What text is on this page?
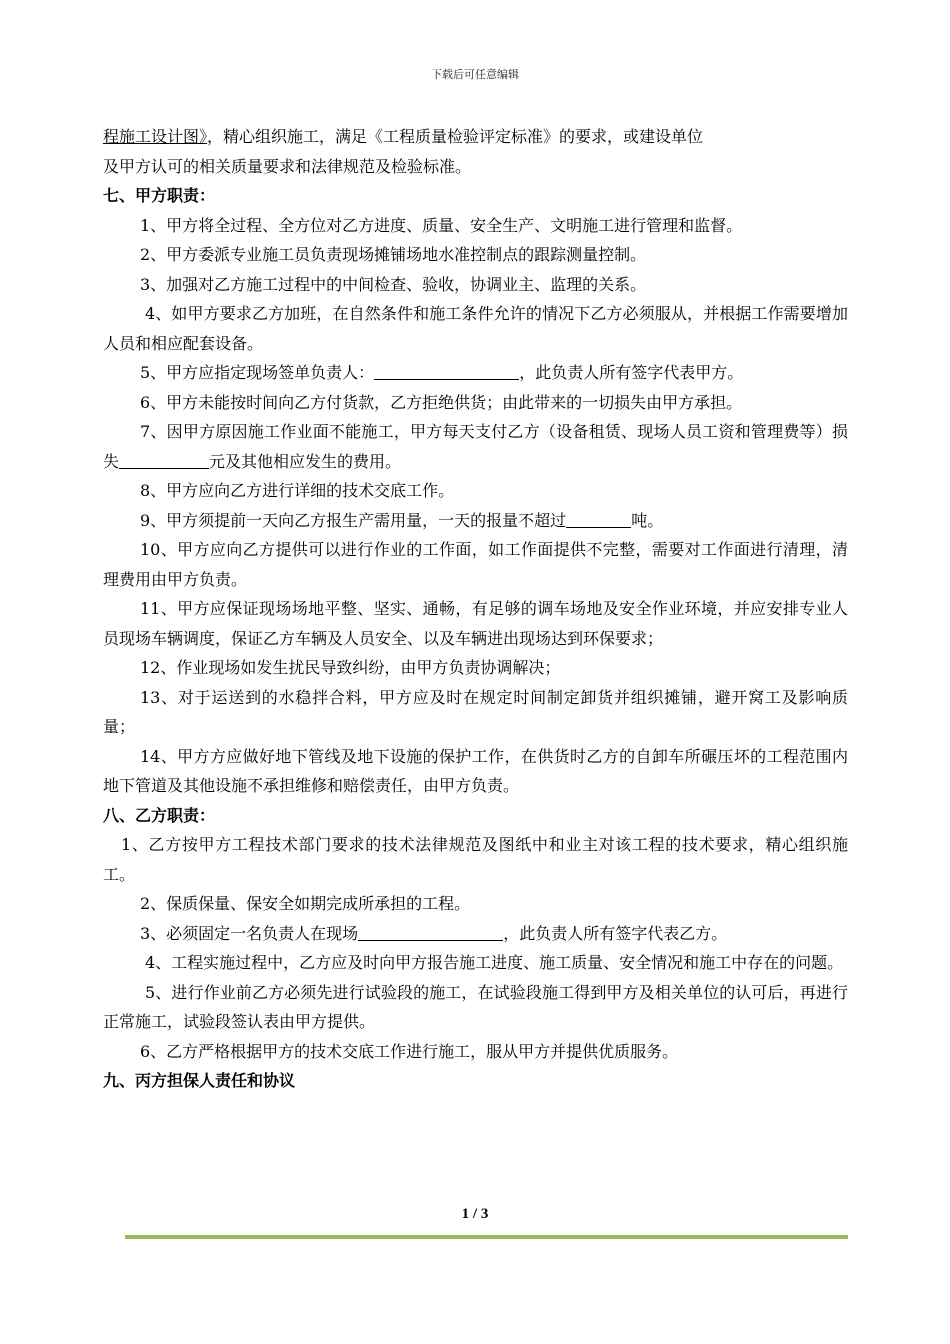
下载后可任意编辑

程施工设计图》，精心组织施工，满足《工程质量检验评定标准》的要求，或建设单位
及甲方认可的相关质量要求和法律规范及检验标准。

七、甲方职责：

1、甲方将全过程、全方位对乙方进度、质量、安全生产、文明施工进行管理和监督。

2、甲方委派专业施工员负责现场摊铺场地水准控制点的跟踪测量控制。

3、加强对乙方施工过程中的中间检查、验收，协调业主、监理的关系。

4、如甲方要求乙方加班，在自然条件和施工条件允许的情况下乙方必须服从，并根据工作需要增加人员和相应配套设备。

5、甲方应指定现场签单负责人：	，此负责人所有签字代表甲方。

6、甲方未能按时间向乙方付货款，乙方拒绝供货；由此带来的一切损失由甲方承担。

7、因甲方原因施工作业面不能施工，甲方每天支付乙方（设备租赁、现场人员工资和管理费等）损失	元及其他相应发生的费用。

8、甲方应向乙方进行详细的技术交底工作。

9、甲方须提前一天向乙方报生产需用量，一天的报量不超过	吨。

10、甲方应向乙方提供可以进行作业的工作面，如工作面提供不完整，需要对工作面进行清理，清理费用由甲方负责。

11、甲方应保证现场场地平整、坚实、通畅，有足够的调车场地及安全作业环境，并应安排专业人员现场车辆调度，保证乙方车辆及人员安全、以及车辆进出现场达到环保要求；

12、作业现场如发生扰民导致纠纷，由甲方负责协调解决；

13、对于运送到的水稳拌合料，甲方应及时在规定时间制定卸货并组织摊铺，避开窝工及影响质量；

14、甲方方应做好地下管线及地下设施的保护工作，在供货时乙方的自卸车所碾压坏的工程范围内地下管道及其他设施不承担维修和赔偿责任，由甲方负责。

八、乙方职责：

1、乙方按甲方工程技术部门要求的技术法律规范及图纸中和业主对该工程的技术要求，精心组织施工。

2、保质保量、保安全如期完成所承担的工程。

3、必须固定一名负责人在现场	，此负责人所有签字代表乙方。

4、工程实施过程中，乙方应及时向甲方报告施工进度、施工质量、安全情况和施工中存在的问题。

5、进行作业前乙方必须先进行试验段的施工，在试验段施工得到甲方及相关单位的认可后，再进行正常施工，试验段签认表由甲方提供。

6、乙方严格根据甲方的技术交底工作进行施工，服从甲方并提供优质服务。

九、丙方担保人责任和协议

1 / 3
